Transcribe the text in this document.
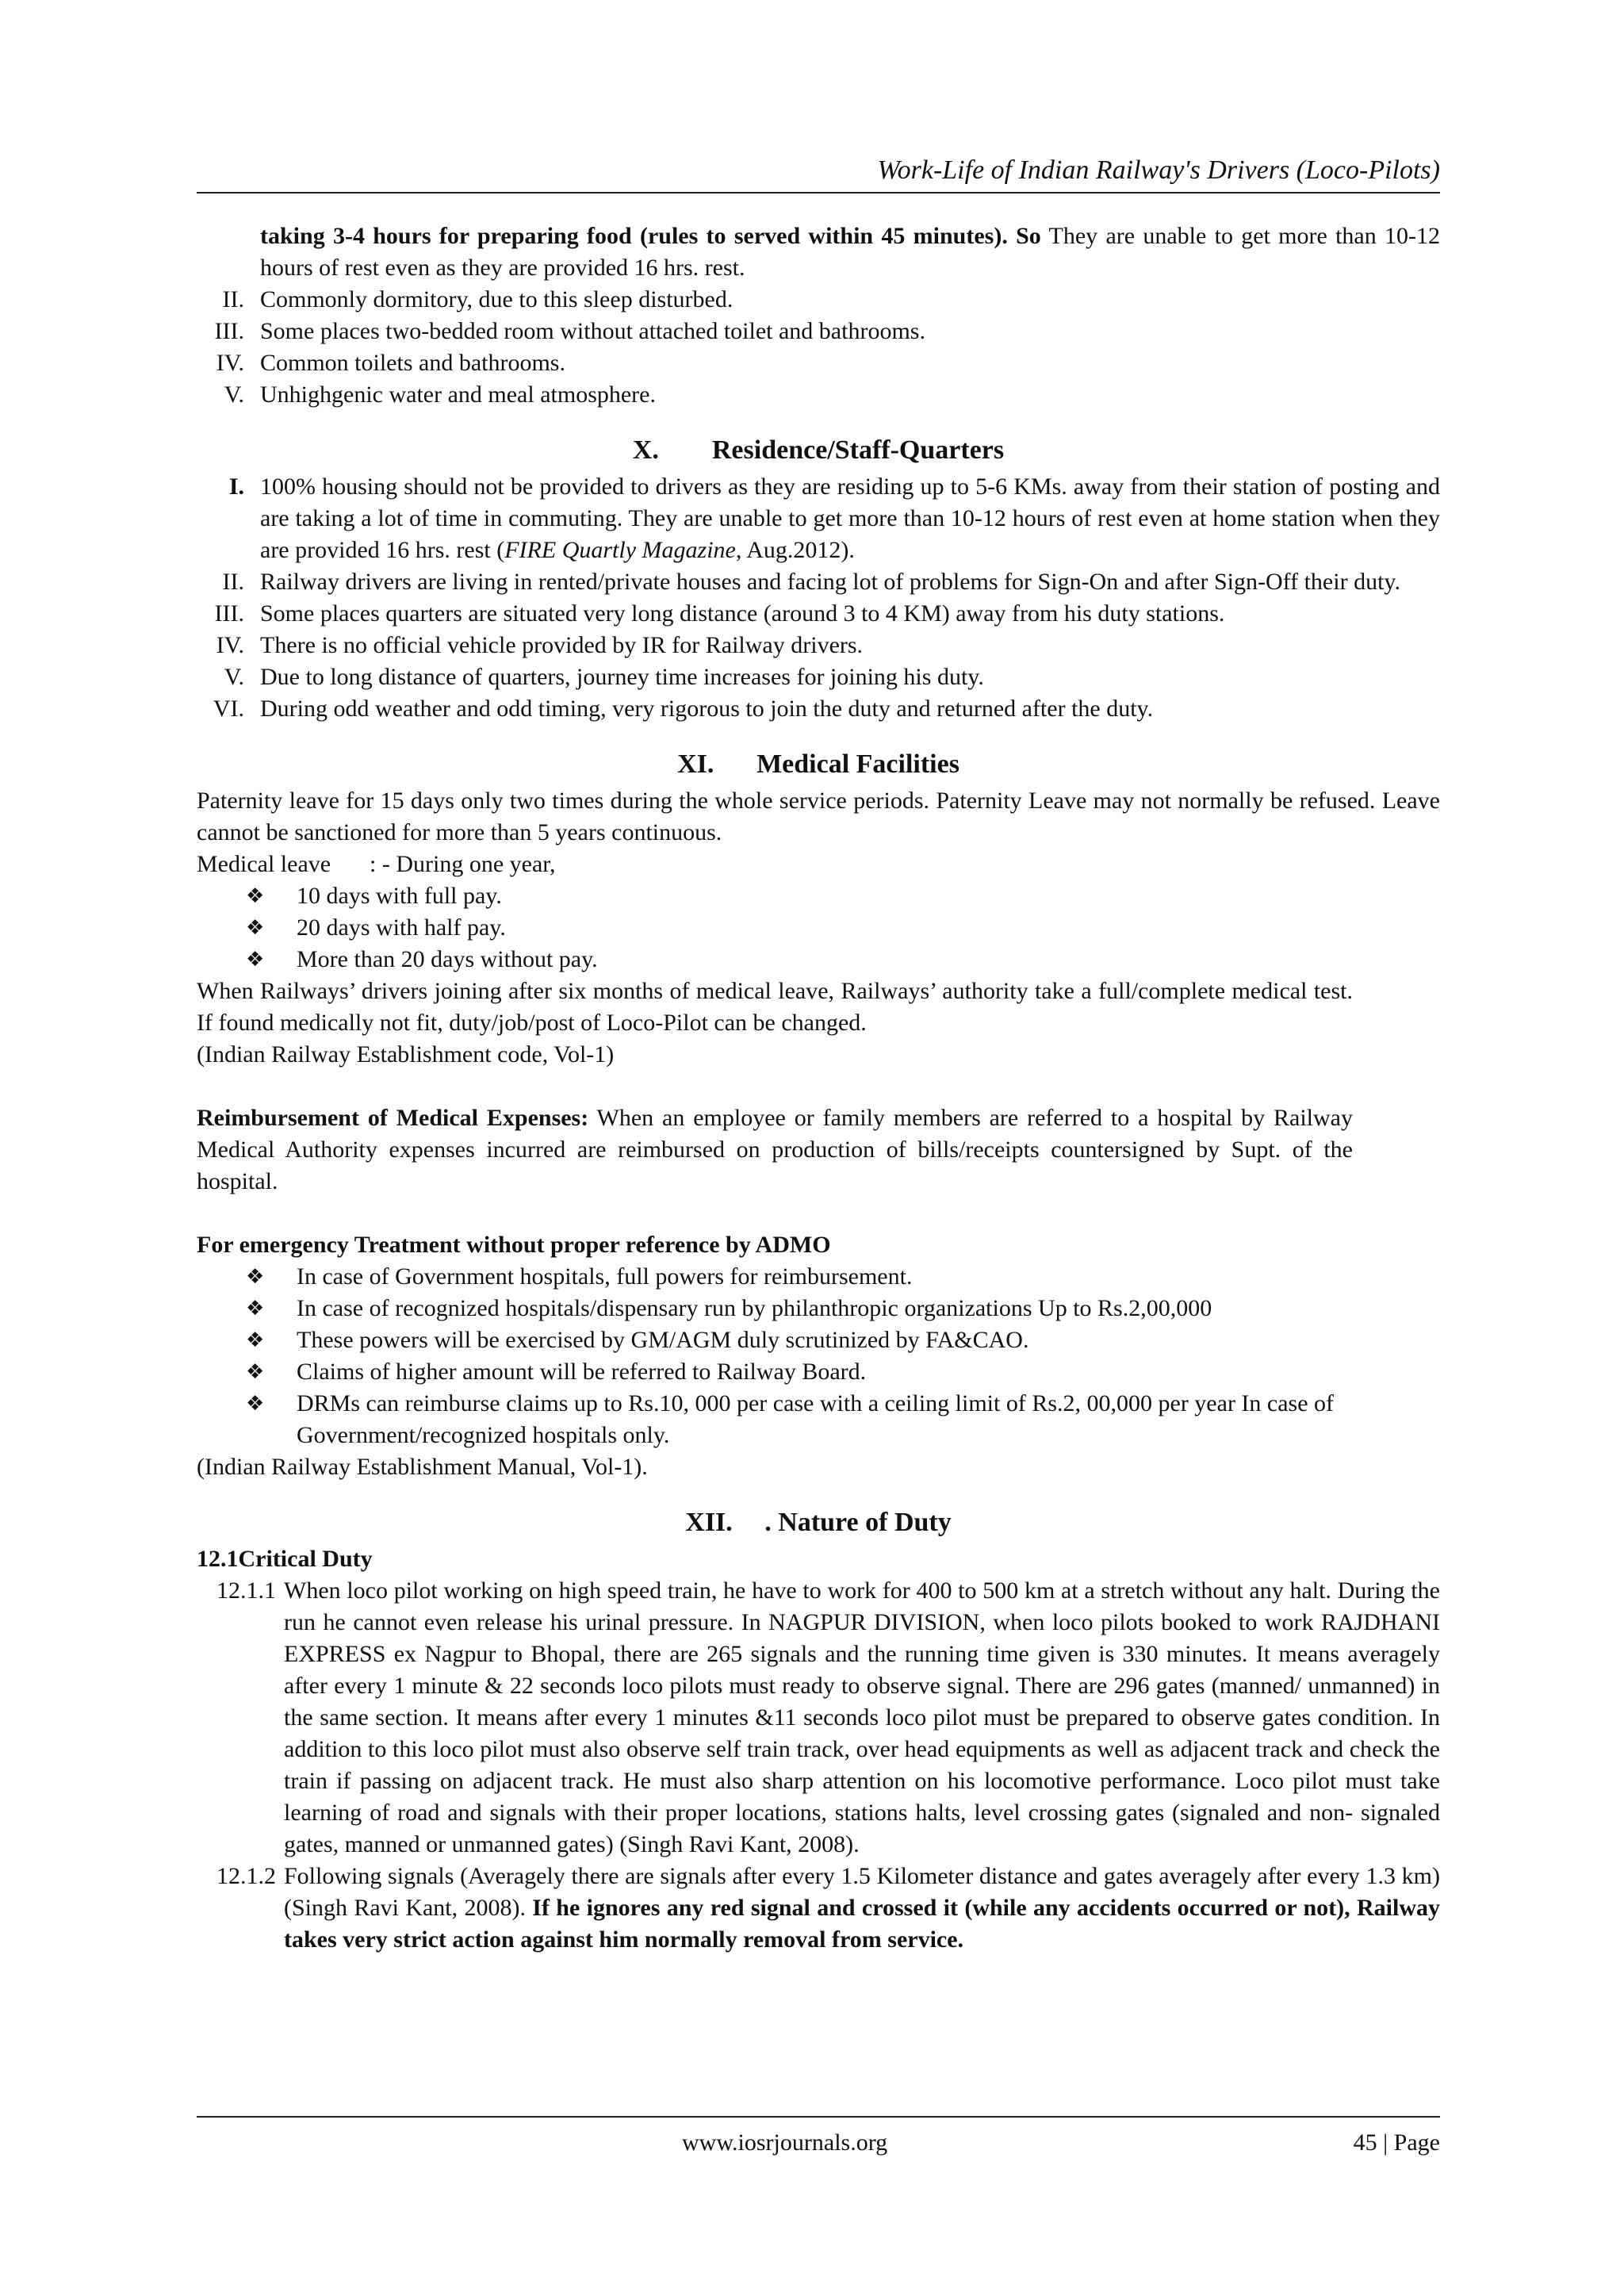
Work-Life of Indian Railway's Drivers (Loco-Pilots)

taking 3-4 hours for preparing food (rules to served within 45 minutes). So They are unable to get more than 10-12 hours of rest even as they are provided 16 hrs. rest.

II. Commonly dormitory, due to this sleep disturbed.
III. Some places two-bedded room without attached toilet and bathrooms.
IV. Common toilets and bathrooms.
V. Unhighgenic water and meal atmosphere.
X. Residence/Staff-Quarters
I. 100% housing should not be provided to drivers as they are residing up to 5-6 KMs. away from their station of posting and are taking a lot of time in commuting. They are unable to get more than 10-12 hours of rest even at home station when they are provided 16 hrs. rest (FIRE Quartly Magazine, Aug.2012).

II. Railway drivers are living in rented/private houses and facing lot of problems for Sign-On and after Sign-Off their duty.

III. Some places quarters are situated very long distance (around 3 to 4 KM) away from his duty stations.
IV. There is no official vehicle provided by IR for Railway drivers.
V. Due to long distance of quarters, journey time increases for joining his duty.
VI. During odd weather and odd timing, very rigorous to join the duty and returned after the duty.
XI. Medical Facilities

Paternity leave for 15 days only two times during the whole service periods. Paternity Leave may not normally be refused. Leave cannot be sanctioned for more than 5 years continuous.

Medical leave : - During one year,

❖ 10 days with full pay.
❖ 20 days with half pay.
❖ More than 20 days without pay.

When Railways’ drivers joining after six months of medical leave, Railways’ authority take a full/complete medical test. If found medically not fit, duty/job/post of Loco-Pilot can be changed.

(Indian Railway Establishment code, Vol-1)

Reimbursement of Medical Expenses: When an employee or family members are referred to a hospital by Railway Medical Authority expenses incurred are reimbursed on production of bills/receipts countersigned by Supt. of the hospital.

For emergency Treatment without proper reference by ADMO

❖ In case of Government hospitals, full powers for reimbursement.
❖ In case of recognized hospitals/dispensary run by philanthropic organizations Up to Rs.2,00,000

❖ These powers will be exercised by GM/AGM duly scrutinized by FA&CAO.
❖ Claims of higher amount will be referred to Railway Board.
❖ DRMs can reimburse claims up to Rs.10, 000 per case with a ceiling limit of Rs.2, 00,000 per year In case of Government/recognized hospitals only.

(Indian Railway Establishment Manual, Vol-1).

XII. . Nature of Duty

12.1Critical Duty

12.1.1 When loco pilot working on high speed train, he have to work for 400 to 500 km at a stretch without any halt. During the run he cannot even release his urinal pressure. In NAGPUR DIVISION, when loco pilots booked to work RAJDHANI EXPRESS ex Nagpur to Bhopal, there are 265 signals and the running time given is 330 minutes. It means averagely after every 1 minute & 22 seconds loco pilots must ready to observe signal. There are 296 gates (manned/ unmanned) in the same section. It means after every 1 minutes &11 seconds loco pilot must be prepared to observe gates condition. In addition to this loco pilot must also observe self train track, over head equipments as well as adjacent track and check the train if passing on adjacent track. He must also sharp attention on his locomotive performance. Loco pilot must take learning of road and signals with their proper locations, stations halts, level crossing gates (signaled and non- signaled gates, manned or unmanned gates) (Singh Ravi Kant, 2008).

12.1.2 Following signals (Averagely there are signals after every 1.5 Kilometer distance and gates averagely after every 1.3 km) (Singh Ravi Kant, 2008). If he ignores any red signal and crossed it (while any accidents occurred or not), Railway takes very strict action against him normally removal from service.

www.iosrjournals.org	45 | Page
